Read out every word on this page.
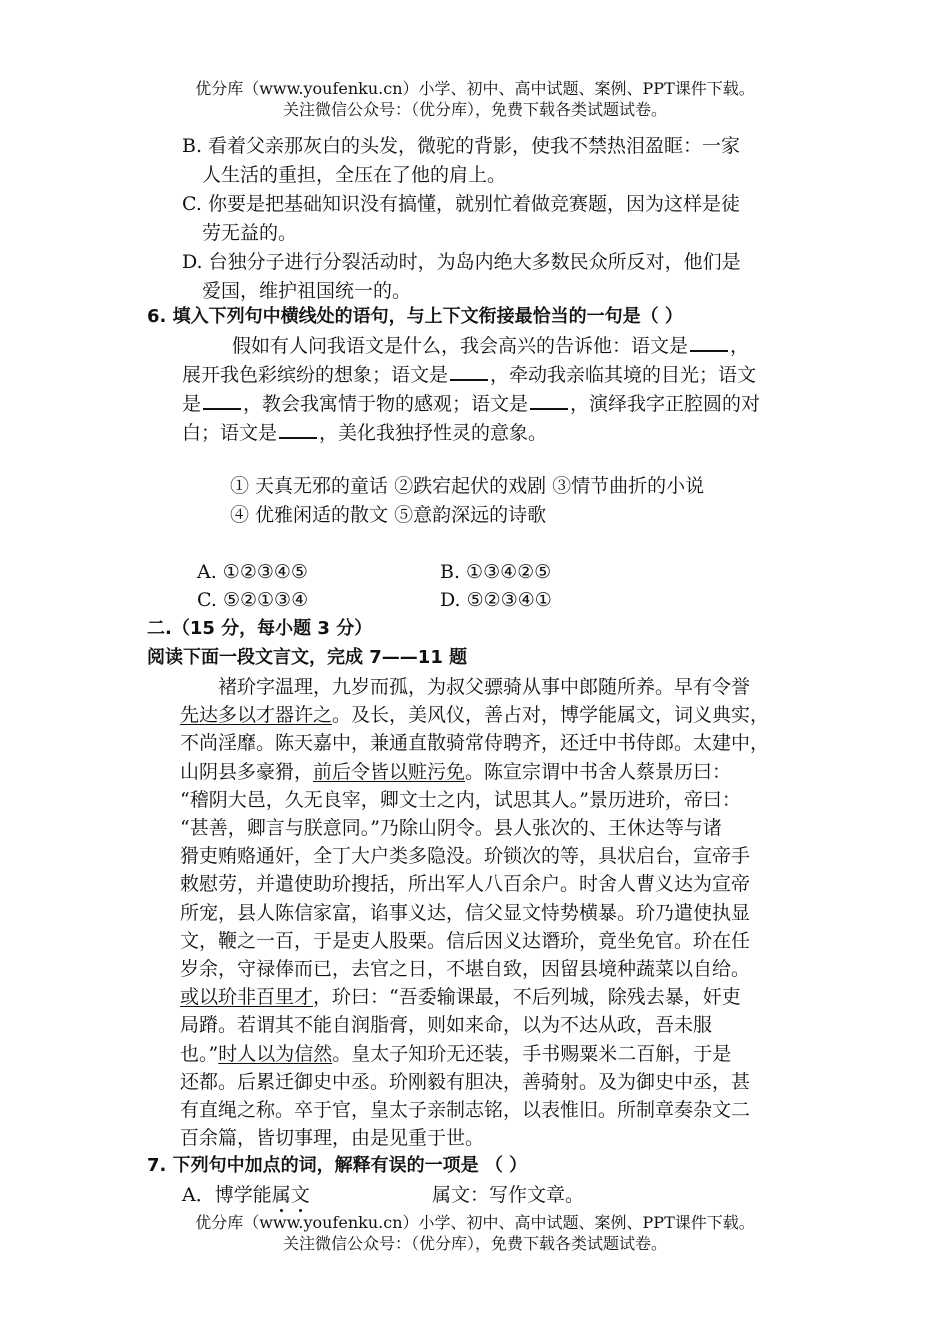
优分库（www.youfenku.cn）小学、初中、高中试题、案例、PPT课件下载。
关注微信公众号：（优分库），免费下载各类试题试卷。
B. 看着父亲那灰白的头发，微驼的背影，使我不禁热泪盈眶：一家
人生活的重担，全压在了他的肩上。
C. 你要是把基础知识没有搞懂，就别忙着做竞赛题，因为这样是徒
劳无益的。
D. 台独分子进行分裂活动时，为岛内绝大多数民众所反对，他们是
爱国，维护祖国统一的。
6. 填入下列句中横线处的语句，与上下文衔接最恰当的一句是（ ）
假如有人问我语文是什么，我会高兴的告诉他：语文是 ，
展开我色彩缤纷的想象；语文是 ，牵动我亲临其境的目光；语文
是 ，教会我寓情于物的感观；语文是 ，演绎我字正腔圆的对
白；语文是 ，美化我独抒性灵的意象。
① 天真无邪的童话 ②跌宕起伏的戏剧 ③情节曲折的小说
④ 优雅闲适的散文 ⑤意韵深远的诗歌
A. ①②③④⑤	B. ①③④②⑤
C. ⑤②①③④	D. ⑤②③④①
二.（15 分，每小题 3 分）
阅读下面一段文言文，完成 7——11 题
褚玠字温理，九岁而孤，为叔父骠骑从事中郎随所养。早有令誉
先达多以才器许之。及长，美风仪，善占对，博学能属文，词义典实，
不尚淫靡。陈天嘉中，兼通直散骑常侍聘齐，还迁中书侍郎。太建中，
山阴县多豪猾，前后令皆以赃污免。陈宣宗谓中书舍人蔡景历曰：
“稽阴大邑，久无良宰，卿文士之内，试思其人。”景历进玠，帝曰：
“甚善，卿言与朕意同。”乃除山阴令。县人张次的、王休达等与诸
猾吏贿赂通奸，全丁大户类多隐没。玠锁次的等，具状启台，宣帝手
敕慰劳，并遣使助玠搜括，所出军人八百余户。时舍人曹义达为宣帝
所宠，县人陈信家富，谄事义达，信父显文恃势横暴。玠乃遣使执显
文，鞭之一百，于是吏人股栗。信后因义达谮玠，竟坐免官。玠在任
岁余，守禄俸而已，去官之日，不堪自致，因留县境种蔬菜以自给。
或以玠非百里才，玠曰：“吾委输课最，不后列城，除残去暴，奸吏
局蹐。若谓其不能自润脂膏，则如来命，以为不达从政，吾未服
也。”时人以为信然。皇太子知玠无还装，手书赐粟米二百斛，于是
还都。后累迁御史中丞。玠刚毅有胆决，善骑射。及为御史中丞，甚
有直绳之称。卒于官，皇太子亲制志铭，以表惟旧。所制章奏杂文二
百余篇，皆切事理，由是见重于世。
7. 下列句中加点的词，解释有误的一项是 （ ）
A．博学能属文	属文：写作文章。
优分库（www.youfenku.cn）小学、初中、高中试题、案例、PPT课件下载。
关注微信公众号：（优分库），免费下载各类试题试卷。
